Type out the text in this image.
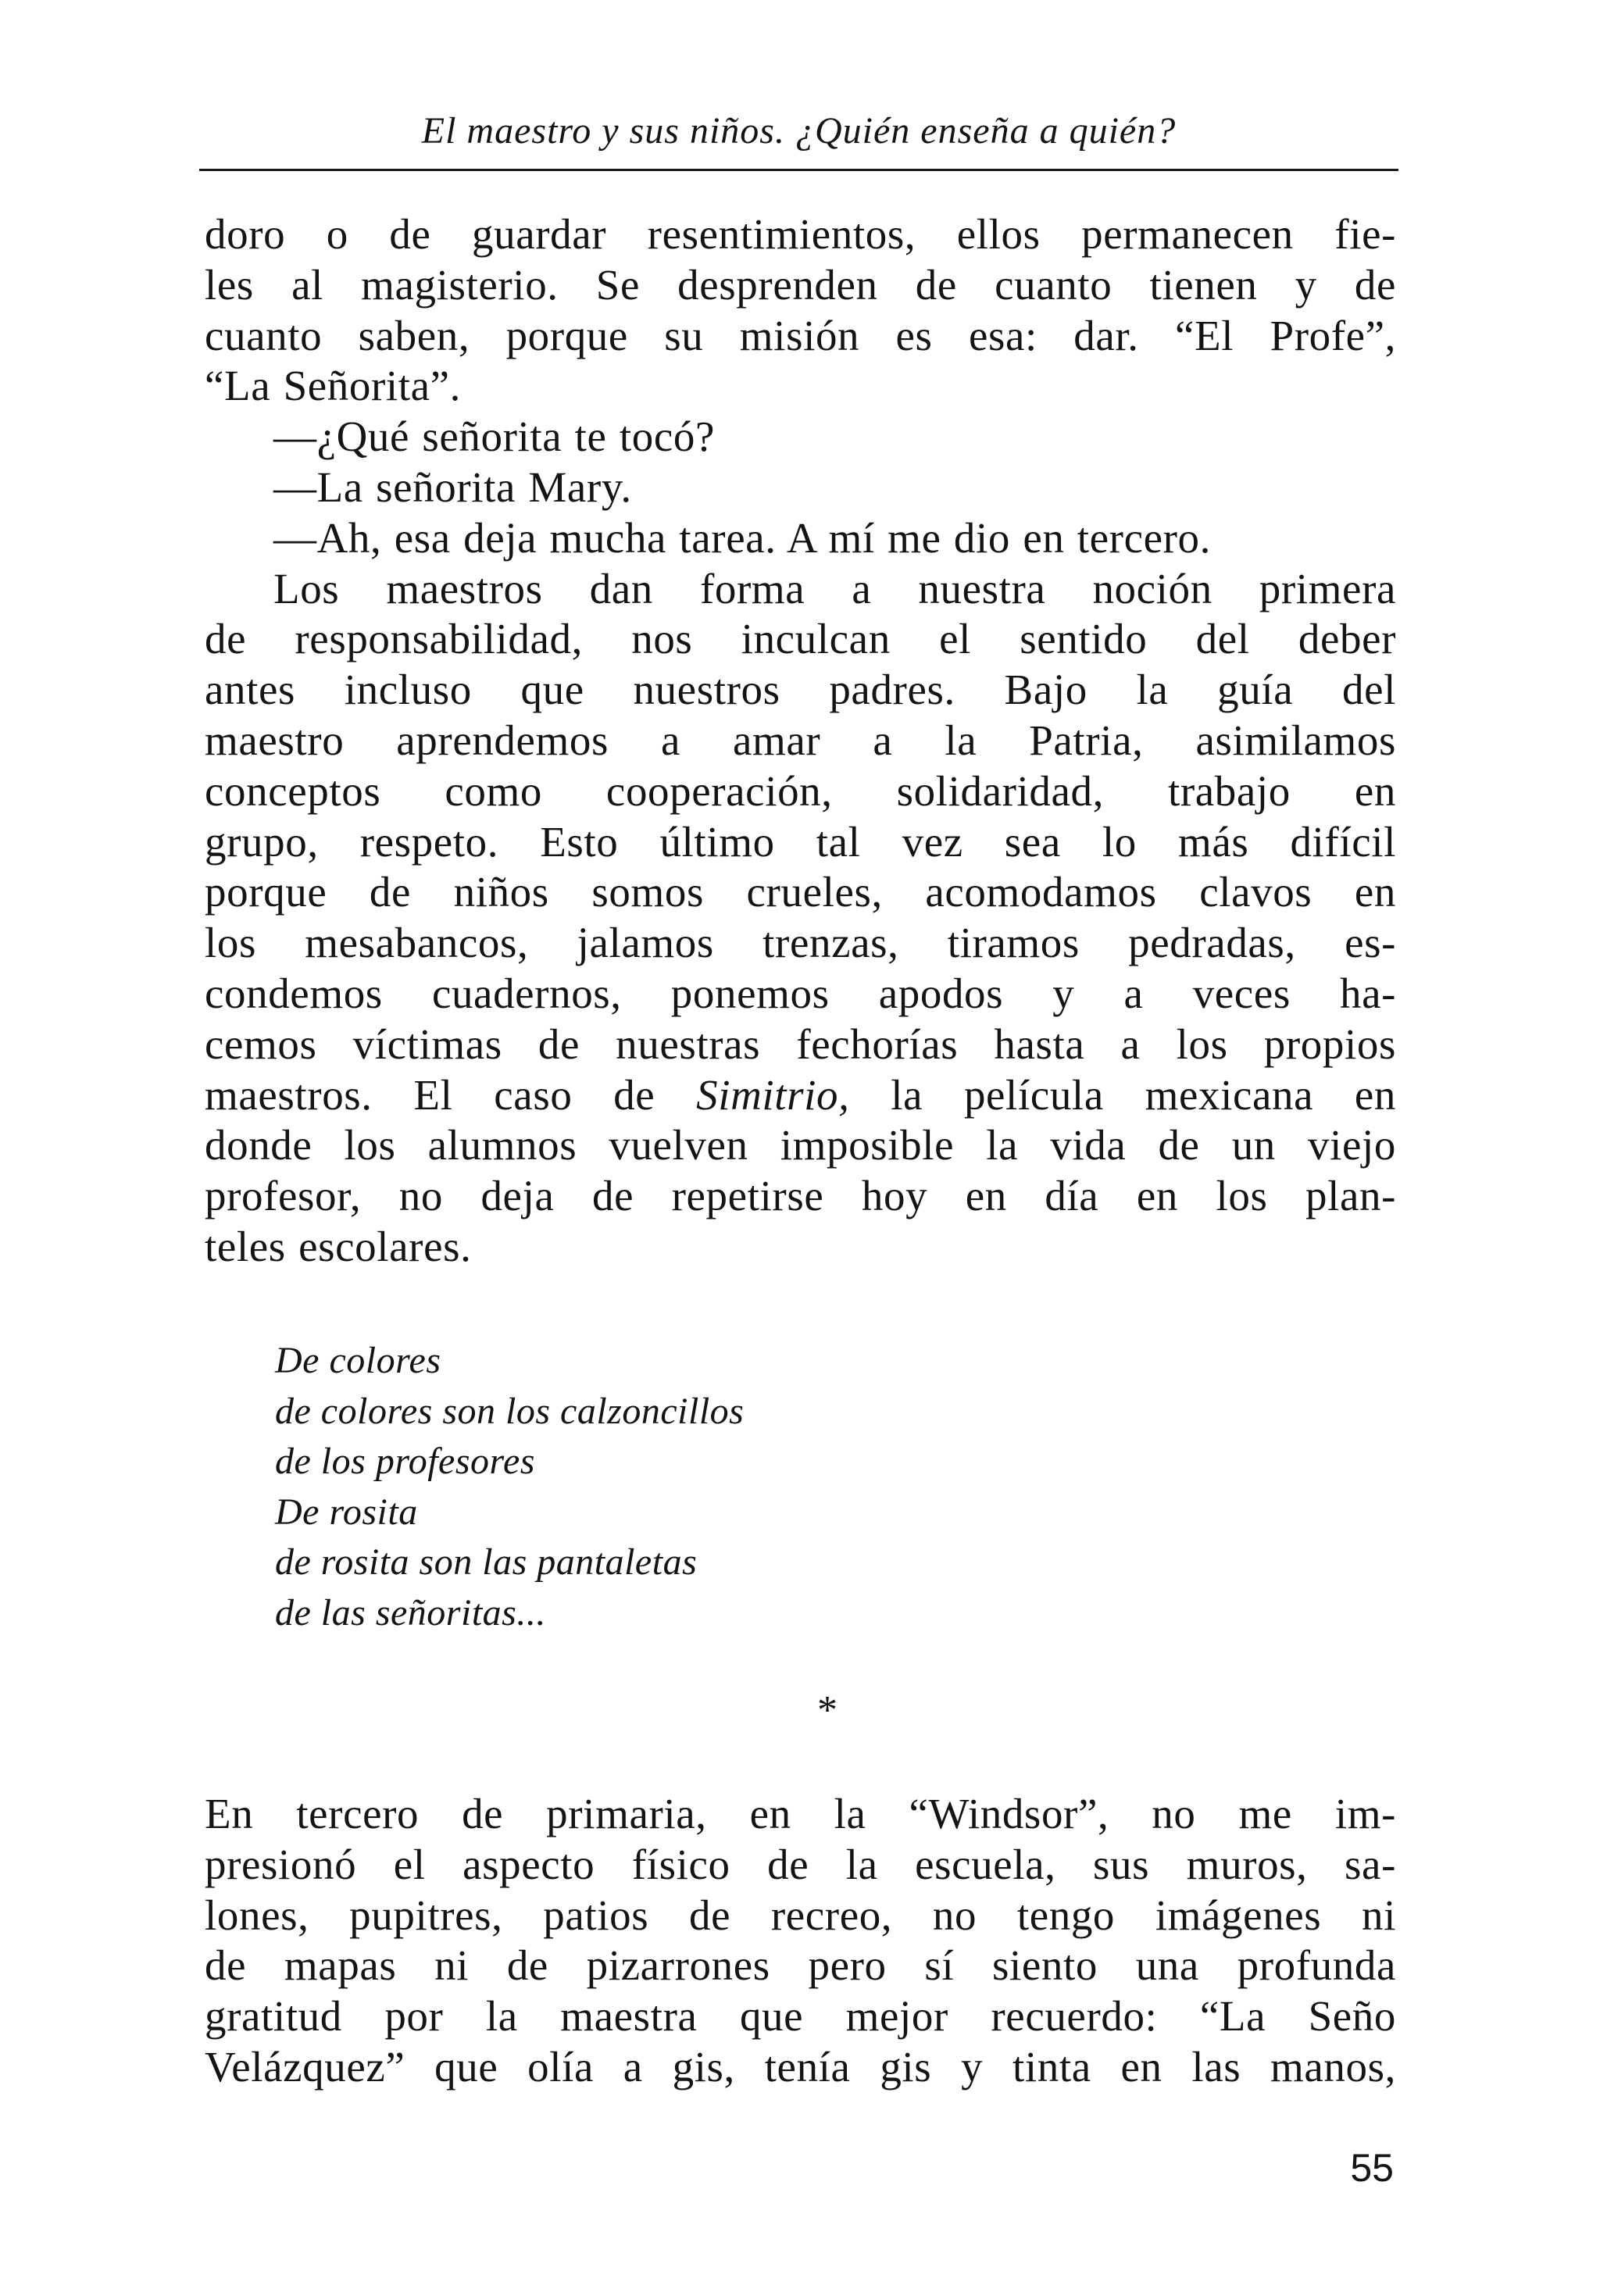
El maestro y sus niños. ¿Quién enseña a quién?
doro o de guardar resentimientos, ellos permanecen fie-
les al magisterio. Se desprenden de cuanto tienen y de
cuanto saben, porque su misión es esa: dar. “El Profe”,
“La Señorita”.
—¿Qué señorita te tocó?
—La señorita Mary.
—Ah, esa deja mucha tarea. A mí me dio en tercero.
Los maestros dan forma a nuestra noción primera
de responsabilidad, nos inculcan el sentido del deber
antes incluso que nuestros padres. Bajo la guía del
maestro aprendemos a amar a la Patria, asimilamos
conceptos como cooperación, solidaridad, trabajo en
grupo, respeto. Esto último tal vez sea lo más difícil
porque de niños somos crueles, acomodamos clavos en
los mesabancos, jalamos trenzas, tiramos pedradas, es-
condemos cuadernos, ponemos apodos y a veces ha-
cemos víctimas de nuestras fechorías hasta a los propios
maestros. El caso de Simitrio, la película mexicana en
donde los alumnos vuelven imposible la vida de un viejo
profesor, no deja de repetirse hoy en día en los plan-
teles escolares.
De colores
de colores son los calzoncillos
de los profesores
De rosita
de rosita son las pantaletas
de las señoritas...
*
En tercero de primaria, en la “Windsor”, no me im-
presionó el aspecto físico de la escuela, sus muros, sa-
lones, pupitres, patios de recreo, no tengo imágenes ni
de mapas ni de pizarrones pero sí siento una profunda
gratitud por la maestra que mejor recuerdo: “La Seño
Velázquez” que olía a gis, tenía gis y tinta en las manos,
55
